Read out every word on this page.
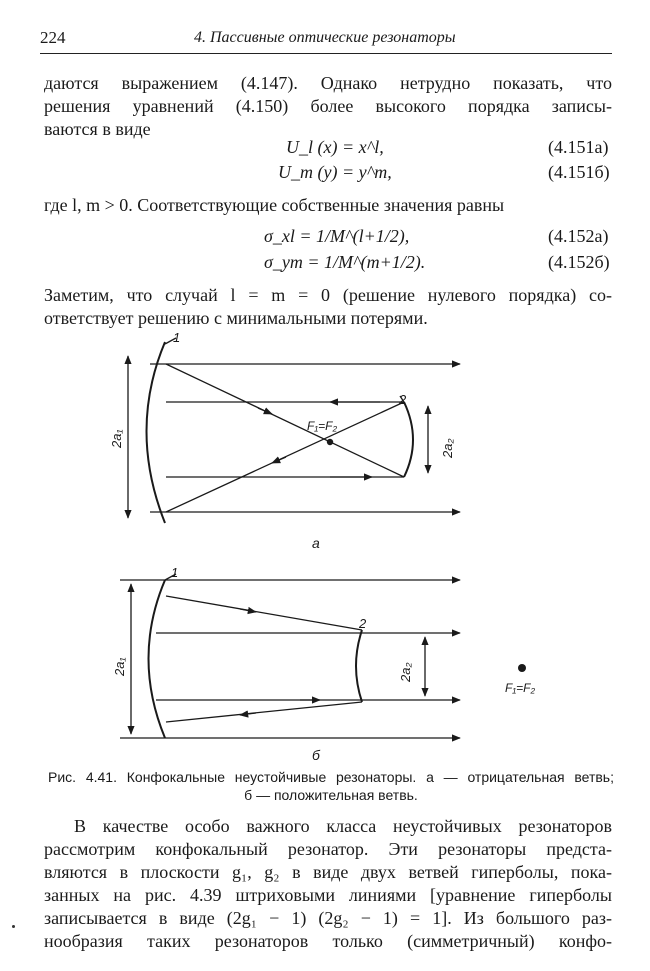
224	4. Пассивные оптические резонаторы
даются выражением (4.147). Однако нетрудно показать, что
решения уравнений (4.150) более высокого порядка записы-
ваются в виде
U_l (x) = x^l,	(4.151а)
U_m (y) = y^m,	(4.151б)
где l, m > 0. Соответствующие собственные значения равны
σ_xl = 1/M^(l+1/2),	(4.152а)
σ_ym = 1/M^(m+1/2).	(4.152б)
Заметим, что случай l = m = 0 (решение нулевого порядка) со-
ответствует решению с минимальными потерями.
1
2
2a₁	2a₂
F₁=F₂
а
1
2
2a₁	2a₂
F₁=F₂
б
Рис. 4.41. Конфокальные неустойчивые резонаторы. а — отрицательная ветвь;
б — положительная ветвь.
В качестве особо важного класса неустойчивых резонаторов
рассмотрим конфокальный резонатор. Эти резонаторы предста-
вляются в плоскости g₁, g₂ в виде двух ветвей гиперболы, пока-
занных на рис. 4.39 штриховыми линиями [уравнение гиперболы
записывается в виде (2g₁ − 1) (2g₂ − 1) = 1]. Из большого раз-
нообразия таких резонаторов только (симметричный) конфо-
